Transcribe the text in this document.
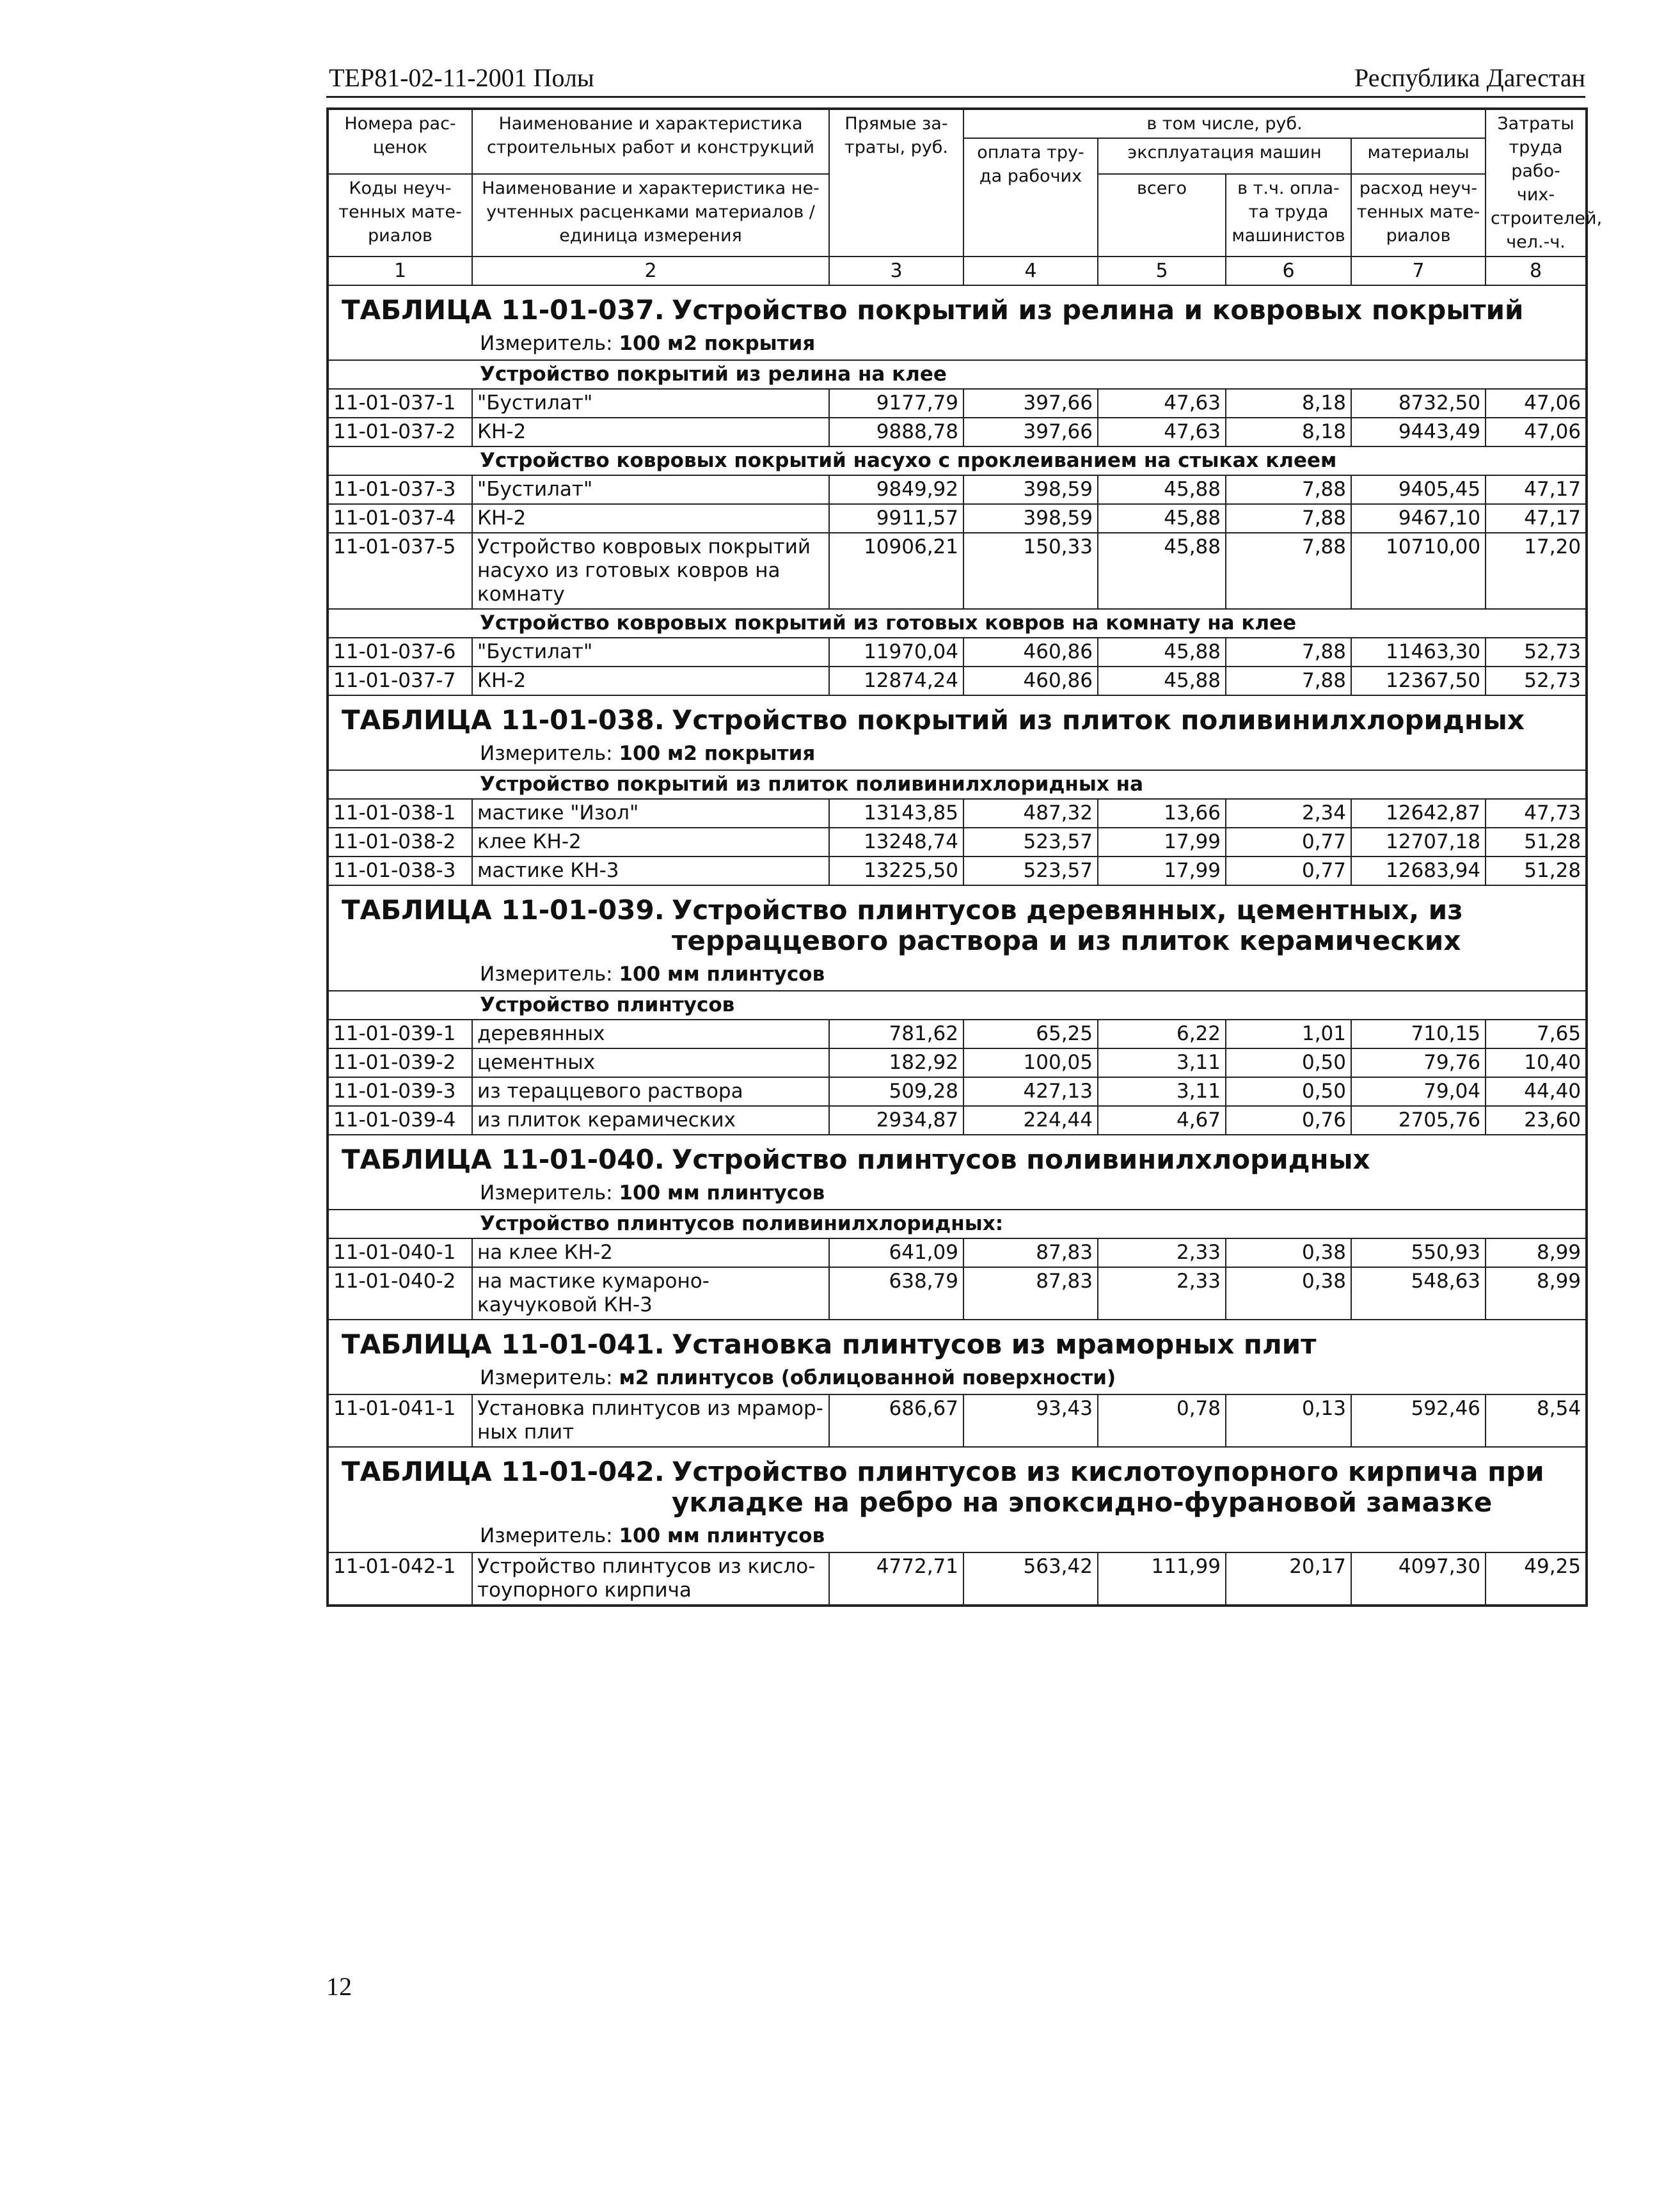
ТЕР81-02-11-2001 Полы	Республика Дагестан
Номера рас- ценок	Наименование и характеристика строительных работ и конструкций	Прямые за- траты, руб.	в том числе, руб.				Затраты труда рабо- чих- строителей, чел.-ч.
			оплата тру- да рабочих	эксплуатация машин		материалы	
Коды неуч- тенных мате- риалов	Наименование и характеристика не- учтенных расценками материалов / единица измерения			всего	в т.ч. опла- та труда машинистов	расход неуч- тенных мате- риалов	

1	2	3	4	5	6	7	8
ТАБЛИЦА 11-01-037. Устройство покрытий из релина и ковровых покрытий							
Измеритель: 100 м2 покрытия							
Устройство покрытий из релина на клее							
11-01-037-1	"Бустилат"	9177,79	397,66	47,63	8,18	8732,50	47,06
11-01-037-2	КН-2	9888,78	397,66	47,63	8,18	9443,49	47,06
Устройство ковровых покрытий насухо с проклеиванием на стыках клеем							
11-01-037-3	"Бустилат"	9849,92	398,59	45,88	7,88	9405,45	47,17
11-01-037-4	КН-2	9911,57	398,59	45,88	7,88	9467,10	47,17
11-01-037-5	Устройство ковровых покрытий насухо из готовых ковров на комнату	10906,21	150,33	45,88	7,88	10710,00	17,20
Устройство ковровых покрытий из готовых ковров на комнату на клее							
11-01-037-6	"Бустилат"	11970,04	460,86	45,88	7,88	11463,30	52,73
11-01-037-7	КН-2	12874,24	460,86	45,88	7,88	12367,50	52,73
ТАБЛИЦА 11-01-038. Устройство покрытий из плиток поливинилхлоридных							
Измеритель: 100 м2 покрытия							
Устройство покрытий из плиток поливинилхлоридных на							
11-01-038-1	мастике "Изол"	13143,85	487,32	13,66	2,34	12642,87	47,73
11-01-038-2	клее КН-2	13248,74	523,57	17,99	0,77	12707,18	51,28
11-01-038-3	мастике КН-3	13225,50	523,57	17,99	0,77	12683,94	51,28
ТАБЛИЦА 11-01-039. Устройство плинтусов деревянных, цементных, из терраццевого раствора и из плиток керамических							
Измеритель: 100 мм плинтусов							
Устройство плинтусов							
11-01-039-1	деревянных	781,62	65,25	6,22	1,01	710,15	7,65
11-01-039-2	цементных	182,92	100,05	3,11	0,50	79,76	10,40
11-01-039-3	из тераццевого раствора	509,28	427,13	3,11	0,50	79,04	44,40
11-01-039-4	из плиток керамических	2934,87	224,44	4,67	0,76	2705,76	23,60
ТАБЛИЦА 11-01-040. Устройство плинтусов поливинилхлоридных							
Измеритель: 100 мм плинтусов							
Устройство плинтусов поливинилхлоридных:							
11-01-040-1	на клее КН-2	641,09	87,83	2,33	0,38	550,93	8,99
11-01-040-2	на мастике кумароно- каучуковой КН-3	638,79	87,83	2,33	0,38	548,63	8,99
ТАБЛИЦА 11-01-041. Установка плинтусов из мраморных плит							
Измеритель: м2 плинтусов (облицованной поверхности)							
11-01-041-1	Установка плинтусов из мрамор- ных плит	686,67	93,43	0,78	0,13	592,46	8,54
ТАБЛИЦА 11-01-042. Устройство плинтусов из кислотоупорного кирпича при укладке на ребро на эпоксидно-фурановой замазке							
Измеритель: 100 мм плинтусов							
11-01-042-1	Устройство плинтусов из кисло- тоупорного кирпича	4772,71	563,42	111,99	20,17	4097,30	49,25
12
